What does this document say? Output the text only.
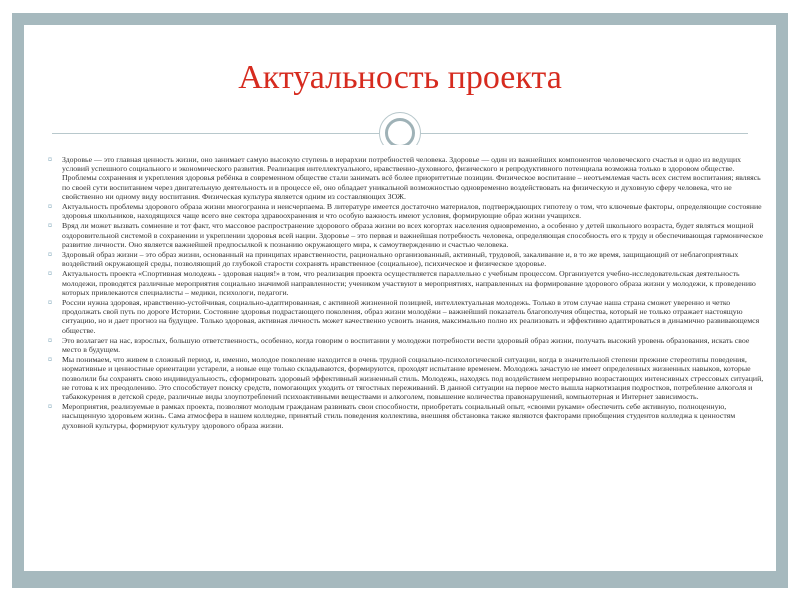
Актуальность проекта
¤	Здоровье — это главная ценность жизни, оно занимает самую высокую ступень в иерархии потребностей человека. Здоровье — один из важнейших компонентов человеческого счастья и одно из ведущих условий успешного социального и экономического развития. Реализация интеллектуального, нравственно-духовного, физического и репродуктивного потенциала возможна только в здоровом обществе. Проблемы сохранения и укрепления здоровья ребёнка в современном обществе стали занимать всё более приоритетные позиции. Физическое воспитание – неотъемлемая часть всех систем воспитания; являясь по своей сути воспитанием через двигательную деятельность и в процессе её, оно обладает уникальной возможностью одновременно воздействовать на физическую и духовную сферу человека, что не свойственно ни одному виду воспитания. Физическая культура является одним из составляющих ЗОЖ.
¤	Актуальность проблемы здорового образа жизни многогранна и неисчерпаема. В литературе имеется достаточно материалов, подтверждающих гипотезу о том, что ключевые факторы, определяющие состояние здоровья школьников, находящихся чаще всего вне сектора здравоохранения и что особую важность имеют условия, формирующие образ жизни учащихся.
¤	Вряд ли может вызвать сомнение и тот факт, что массовое распространение здорового образа жизни во всех когортах населения одновременно, а особенно у детей школьного возраста, будет являться мощной оздоровительной системой в сохранении и укреплении здоровья всей нации. Здоровье – это первая и важнейшая потребность человека, определяющая способность его к труду и обеспечивающая гармоническое развитие личности. Оно является важнейшей предпосылкой к познанию окружающего мира, к самоутверждению и счастью человека.
¤	Здоровый образ жизни – это образ жизни, основанный на принципах нравственности, рационально организованный, активный, трудовой, закаливание и, в то же время, защищающий от неблагоприятных воздействий окружающей среды, позволяющий до глубокой старости сохранять нравственное (социальное), психическое и физическое здоровье.
¤	Актуальность проекта «Спортивная молодежь - здоровая нация!» в том, что реализация проекта осуществляется параллельно с учебным процессом. Организуется учебно-исследовательская деятельность молодежи, проводятся различные мероприятия социально значимой направленности; учеником участвуют в мероприятиях, направленных на формирование здорового образа жизни у молодежи, к проведению которых привлекаются специалисты – медики, психологи, педагоги.
¤	России нужна здоровая, нравственно-устойчивая, социально-адаптированная, с активной жизненной позицией, интеллектуальная молодежь. Только в этом случае наша страна сможет уверенно и четко продолжать свой путь по дороге Истории. Состояние здоровья подрастающего поколения, образ жизни молодёжи – важнейший показатель благополучия общества, который не только отражает настоящую ситуацию, но и дает прогноз на будущее. Только здоровая, активная личность может качественно усвоить знания, максимально полно их реализовать и эффективно адаптироваться в динамично развивающемся обществе.
¤	Это возлагает на нас, взрослых, большую ответственность, особенно, когда говорим о воспитании у молодежи потребности вести здоровый образ жизни, получать высокий уровень образования, искать свое место в будущем.
¤	Мы понимаем, что живем в сложный период, и, именно, молодое поколение находится в очень трудной социально-психологической ситуации, когда в значительной степени прежние стереотипы поведения, нормативные и ценностные ориентации устарели, а новые еще только складываются, формируются, проходят испытание временем. Молодежь зачастую не имеет определенных жизненных навыков, которые позволили бы сохранять свою индивидуальность, сформировать здоровый эффективный жизненный стиль. Молодежь, находясь под воздействием непрерывно возрастающих интенсивных стрессовых ситуаций, не готова к их преодолению. Это способствует поиску средств, помогающих уходить от тягостных переживаний. В данной ситуации на первое место вышла наркотизация подростков, потребление алкоголя и табакокурения в детской среде, различные виды злоупотреблений психоактивными веществами и алкоголем, повышение количества правонарушений, компьютерная и Интернет зависимость.
¤	Мероприятия, реализуемые в рамках проекта, позволяют молодым гражданам развивать свои способности, приобретать социальный опыт, «своими руками» обеспечить себе активную, полноценную, насыщенную здоровьем жизнь. Сама атмосфера в нашем колледже, принятый стиль поведения коллектива, внешняя обстановка также являются факторами приобщения студентов колледжа к ценностям духовной культуры, формируют культуру здорового образа жизни.
